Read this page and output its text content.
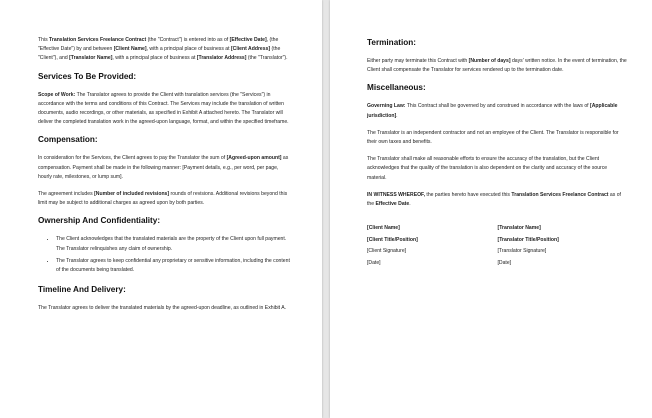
This Translation Services Freelance Contract (the "Contract") is entered into as of [Effective Date], (the "Effective Date") by and between [Client Name], with a principal place of business at [Client Address] (the "Client"), and [Translator Name], with a principal place of business at [Translator Address] (the "Translator").

Services To Be Provided:

Scope of Work: The Translator agrees to provide the Client with translation services (the "Services") in accordance with the terms and conditions of this Contract. The Services may include the translation of written documents, audio recordings, or other materials, as specified in Exhibit A attached hereto. The Translator will deliver the completed translation work in the agreed-upon language, format, and within the specified timeframe.

Compensation:

In consideration for the Services, the Client agrees to pay the Translator the sum of [Agreed-upon amount] as compensation. Payment shall be made in the following manner: [Payment details, e.g., per word, per page, hourly rate, milestones, or lump sum].

The agreement includes [Number of included revisions] rounds of revisions. Additional revisions beyond this limit may be subject to additional charges as agreed upon by both parties.

Ownership And Confidentiality:
• The Client acknowledges that the translated materials are the property of the Client upon full payment. The Translator relinquishes any claim of ownership.
• The Translator agrees to keep confidential any proprietary or sensitive information, including the content of the documents being translated.
Timeline And Delivery:

The Translator agrees to deliver the translated materials by the agreed-upon deadline, as outlined in Exhibit A.

Termination:

Either party may terminate this Contract with [Number of days] days' written notice. In the event of termination, the Client shall compensate the Translator for services rendered up to the termination date.

Miscellaneous:

Governing Law: This Contract shall be governed by and construed in accordance with the laws of [Applicable jurisdiction].

The Translator is an independent contractor and not an employee of the Client. The Translator is responsible for their own taxes and benefits.

The Translator shall make all reasonable efforts to ensure the accuracy of the translation, but the Client acknowledges that the quality of the translation is also dependent on the clarity and accuracy of the source material.

IN WITNESS WHEREOF, the parties hereto have executed this Translation Services Freelance Contract as of the Effective Date.

[Client Name]
[Client Title/Position]
[Client Signature]
[Date]
[Translator Name]
[Translator Title/Position]
[Translator Signature]
[Date]
